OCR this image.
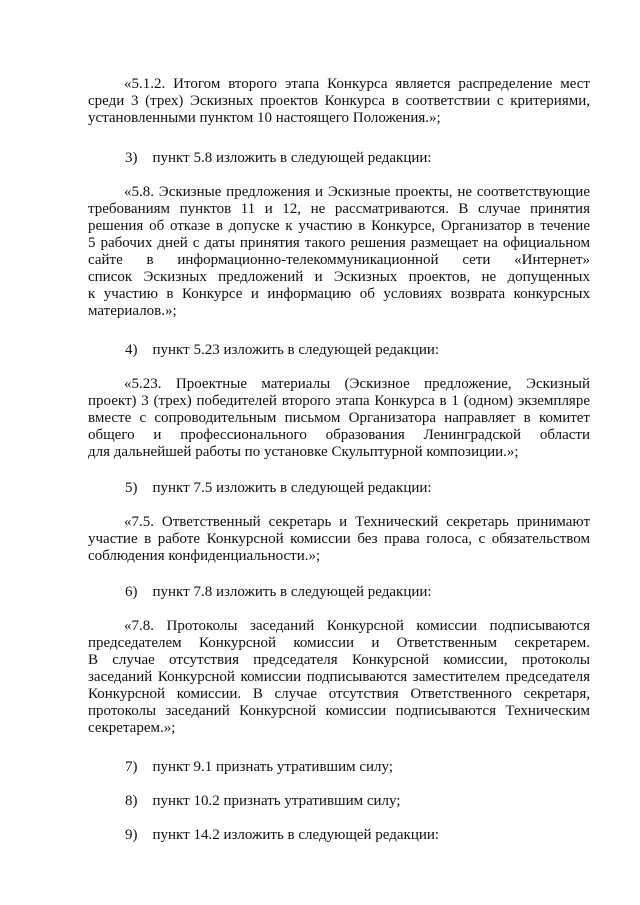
«5.1.2. Итогом второго этапа Конкурса является распределение мест
среди 3 (трех) Эскизных проектов Конкурса в соответствии с критериями,
установленными пунктом 10 настоящего Положения.»;

3) пункт 5.8 изложить в следующей редакции:

«5.8. Эскизные предложения и Эскизные проекты, не соответствующие
требованиям пунктов 11 и 12, не рассматриваются. В случае принятия
решения об отказе в допуске к участию в Конкурсе, Организатор в течение
5 рабочих дней с даты принятия такого решения размещает на официальном
сайте в информационно-телекоммуникационной сети «Интернет»
список Эскизных предложений и Эскизных проектов, не допущенных
к участию в Конкурсе и информацию об условиях возврата конкурсных
материалов.»;

4) пункт 5.23 изложить в следующей редакции:

«5.23. Проектные материалы (Эскизное предложение, Эскизный
проект) 3 (трех) победителей второго этапа Конкурса в 1 (одном) экземпляре
вместе с сопроводительным письмом Организатора направляет в комитет
общего и профессионального образования Ленинградской области
для дальнейшей работы по установке Скульптурной композиции.»;

5) пункт 7.5 изложить в следующей редакции:

«7.5. Ответственный секретарь и Технический секретарь принимают
участие в работе Конкурсной комиссии без права голоса, с обязательством
соблюдения конфиденциальности.»;

6) пункт 7.8 изложить в следующей редакции:

«7.8. Протоколы заседаний Конкурсной комиссии подписываются
председателем Конкурсной комиссии и Ответственным секретарем.
В случае отсутствия председателя Конкурсной комиссии, протоколы
заседаний Конкурсной комиссии подписываются заместителем председателя
Конкурсной комиссии. В случае отсутствия Ответственного секретаря,
протоколы заседаний Конкурсной комиссии подписываются Техническим
секретарем.»;

7) пункт 9.1 признать утратившим силу;

8) пункт 10.2 признать утратившим силу;

9) пункт 14.2 изложить в следующей редакции:
